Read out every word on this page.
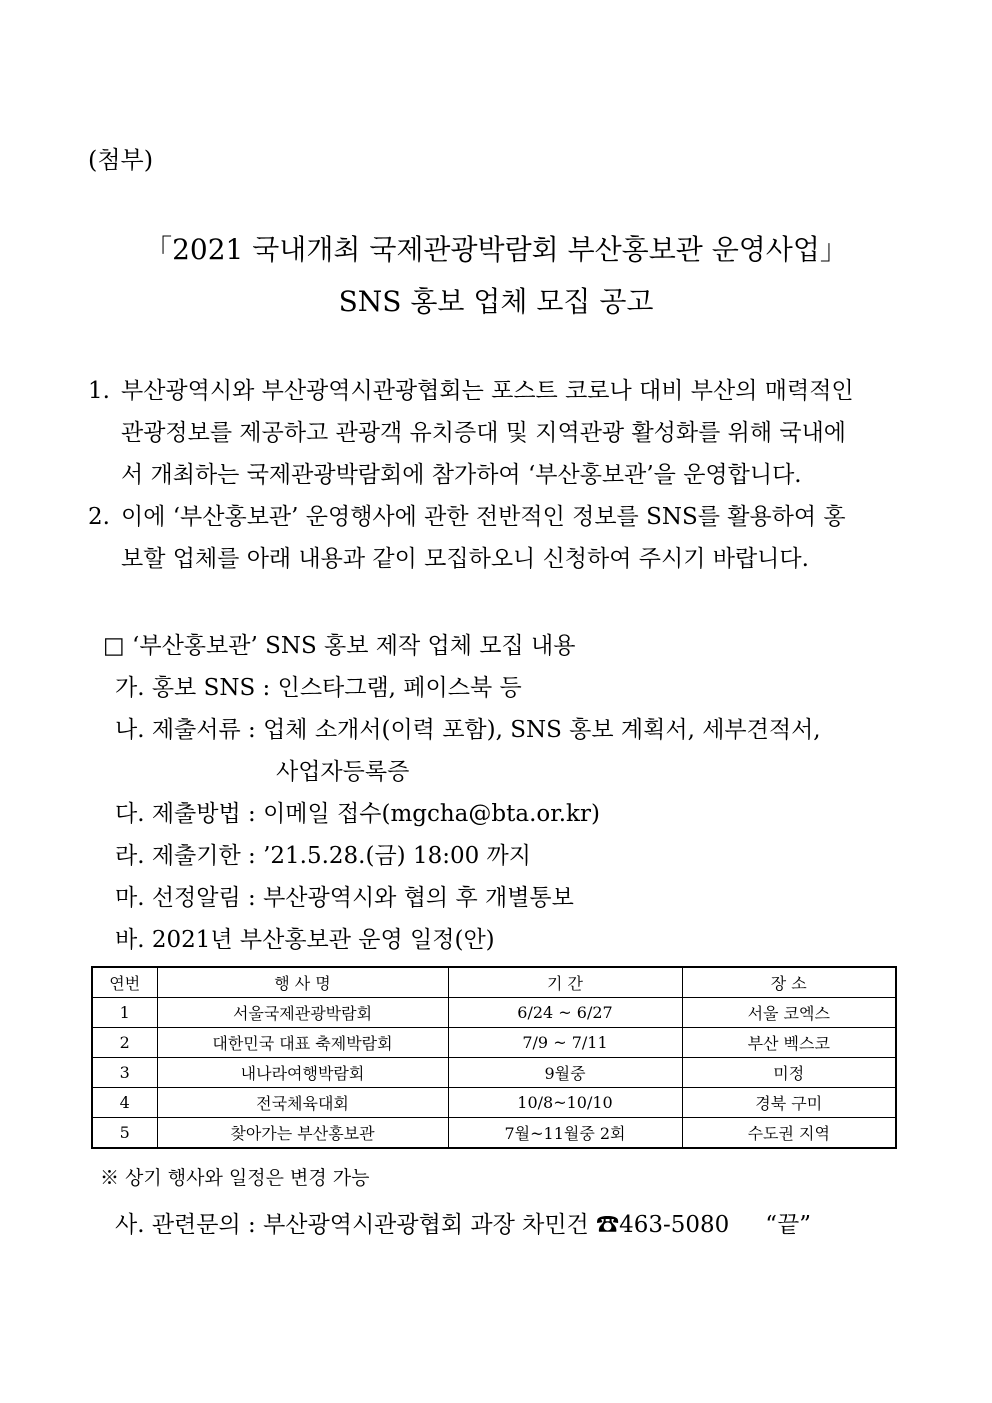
(첨부)
「2021 국내개최 국제관광박람회 부산홍보관 운영사업」
SNS 홍보 업체 모집 공고
1. 부산광역시와 부산광역시관광협회는 포스트 코로나 대비 부산의 매력적인
관광정보를 제공하고 관광객 유치증대 및 지역관광 활성화를 위해 국내에
서 개최하는 국제관광박람회에 참가하여 ‘부산홍보관’을 운영합니다.
2. 이에 ‘부산홍보관’ 운영행사에 관한 전반적인 정보를 SNS를 활용하여 홍
보할 업체를 아래 내용과 같이 모집하오니 신청하여 주시기 바랍니다.
□ ‘부산홍보관’ SNS 홍보 제작 업체 모집 내용
가. 홍보 SNS : 인스타그램, 페이스북 등
나. 제출서류 : 업체 소개서(이력 포함), SNS 홍보 계획서, 세부견적서,
사업자등록증
다. 제출방법 : 이메일 접수(mgcha@bta.or.kr)
라. 제출기한 : ’21.5.28.(금) 18:00 까지
마. 선정알림 : 부산광역시와 협의 후 개별통보
바. 2021년 부산홍보관 운영 일정(안)
연번	행 사 명	기 간	장 소
1	서울국제관광박람회	6/24 ~ 6/27	서울 코엑스
2	대한민국 대표 축제박람회	7/9 ~ 7/11	부산 벡스코
3	내나라여행박람회	9월중	미정
4	전국체육대회	10/8~10/10	경북 구미
5	찾아가는 부산홍보관	7월~11월중 2회	수도권 지역
※ 상기 행사와 일정은 변경 가능
사. 관련문의 : 부산광역시관광협회 과장 차민건 ☎463-5080 “끝”
